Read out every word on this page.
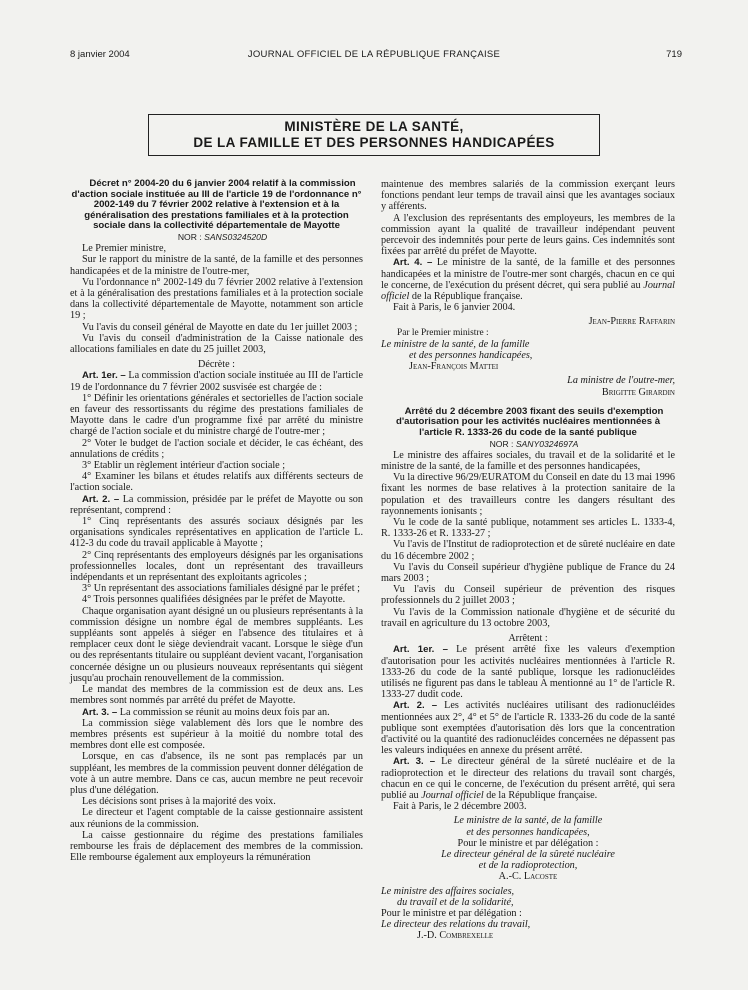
8 janvier 2004	JOURNAL OFFICIEL DE LA RÉPUBLIQUE FRANÇAISE	719
MINISTÈRE DE LA SANTÉ,
DE LA FAMILLE ET DES PERSONNES HANDICAPÉES

Décret n° 2004-20 du 6 janvier 2004 relatif à la commission d'action sociale instituée au III de l'article 19 de l'ordonnance n° 2002-149 du 7 février 2002 relative à l'extension et à la généralisation des prestations familiales et à la protection sociale dans la collectivité départementale de Mayotte

NOR : SANS0324520D

Le Premier ministre,

Sur le rapport du ministre de la santé, de la famille et des personnes handicapées et de la ministre de l'outre-mer,

Vu l'ordonnance n° 2002-149 du 7 février 2002 relative à l'extension et à la généralisation des prestations familiales et à la protection sociale dans la collectivité départementale de Mayotte, notamment son article 19 ;

Vu l'avis du conseil général de Mayotte en date du 1er juillet 2003 ;

Vu l'avis du conseil d'administration de la Caisse nationale des allocations familiales en date du 25 juillet 2003,

Décrète :

Art. 1er. – La commission d'action sociale instituée au III de l'article 19 de l'ordonnance du 7 février 2002 susvisée est chargée de :

1° Définir les orientations générales et sectorielles de l'action sociale en faveur des ressortissants du régime des prestations familiales de Mayotte dans le cadre d'un programme fixé par arrêté du ministre chargé de l'action sociale et du ministre chargé de l'outre-mer ;

2° Voter le budget de l'action sociale et décider, le cas échéant, des annulations de crédits ;

3° Etablir un règlement intérieur d'action sociale ;

4° Examiner les bilans et études relatifs aux différents secteurs de l'action sociale.

Art. 2. – La commission, présidée par le préfet de Mayotte ou son représentant, comprend :

1° Cinq représentants des assurés sociaux désignés par les organisations syndicales représentatives en application de l'article L. 412-3 du code du travail applicable à Mayotte ;

2° Cinq représentants des employeurs désignés par les organisations professionnelles locales, dont un représentant des travailleurs indépendants et un représentant des exploitants agricoles ;

3° Un représentant des associations familiales désigné par le préfet ;

4° Trois personnes qualifiées désignées par le préfet de Mayotte.

Chaque organisation ayant désigné un ou plusieurs représentants à la commission désigne un nombre égal de membres suppléants. Les suppléants sont appelés à siéger en l'absence des titulaires et à remplacer ceux dont le siège deviendrait vacant. Lorsque le siège d'un ou des représentants titulaire ou suppléant devient vacant, l'organisation concernée désigne un ou plusieurs nouveaux représentants qui siègent jusqu'au prochain renouvellement de la commission.

Le mandat des membres de la commission est de deux ans. Les membres sont nommés par arrêté du préfet de Mayotte.

Art. 3. – La commission se réunit au moins deux fois par an.

La commission siège valablement dès lors que le nombre des membres présents est supérieur à la moitié du nombre total des membres dont elle est composée.

Lorsque, en cas d'absence, ils ne sont pas remplacés par un suppléant, les membres de la commission peuvent donner délégation de vote à un autre membre. Dans ce cas, aucun membre ne peut recevoir plus d'une délégation.

Les décisions sont prises à la majorité des voix.

Le directeur et l'agent comptable de la caisse gestionnaire assistent aux réunions de la commission.

La caisse gestionnaire du régime des prestations familiales rembourse les frais de déplacement des membres de la commission. Elle rembourse également aux employeurs la rémunération

maintenue des membres salariés de la commission exerçant leurs fonctions pendant leur temps de travail ainsi que les avantages sociaux y afférents.

A l'exclusion des représentants des employeurs, les membres de la commission ayant la qualité de travailleur indépendant peuvent percevoir des indemnités pour perte de leurs gains. Ces indemnités sont fixées par arrêté du préfet de Mayotte.

Art. 4. – Le ministre de la santé, de la famille et des personnes handicapées et la ministre de l'outre-mer sont chargés, chacun en ce qui le concerne, de l'exécution du présent décret, qui sera publié au Journal officiel de la République française.

Fait à Paris, le 6 janvier 2004.

Jean-Pierre Raffarin

Par le Premier ministre :

Le ministre de la santé, de la famille

et des personnes handicapées,

Jean-François Mattei

La ministre de l'outre-mer,

Brigitte Girardin

Arrêté du 2 décembre 2003 fixant des seuils d'exemption d'autorisation pour les activités nucléaires mentionnées à l'article R. 1333-26 du code de la santé publique

NOR : SANY0324697A

Le ministre des affaires sociales, du travail et de la solidarité et le ministre de la santé, de la famille et des personnes handicapées,

Vu la directive 96/29/EURATOM du Conseil en date du 13 mai 1996 fixant les normes de base relatives à la protection sanitaire de la population et des travailleurs contre les dangers résultant des rayonnements ionisants ;

Vu le code de la santé publique, notamment ses articles L. 1333-4, R. 1333-26 et R. 1333-27 ;

Vu l'avis de l'Institut de radioprotection et de sûreté nucléaire en date du 16 décembre 2002 ;

Vu l'avis du Conseil supérieur d'hygiène publique de France du 24 mars 2003 ;

Vu l'avis du Conseil supérieur de prévention des risques professionnels du 2 juillet 2003 ;

Vu l'avis de la Commission nationale d'hygiène et de sécurité du travail en agriculture du 13 octobre 2003,

Arrêtent :

Art. 1er. – Le présent arrêté fixe les valeurs d'exemption d'autorisation pour les activités nucléaires mentionnées à l'article R. 1333-26 du code de la santé publique, lorsque les radionucléides utilisés ne figurent pas dans le tableau A mentionné au 1° de l'article R. 1333-27 dudit code.

Art. 2. – Les activités nucléaires utilisant des radionucléides mentionnées aux 2°, 4° et 5° de l'article R. 1333-26 du code de la santé publique sont exemptées d'autorisation dès lors que la concentration d'activité ou la quantité des radionucléides concernées ne dépassent pas les valeurs indiquées en annexe du présent arrêté.

Art. 3. – Le directeur général de la sûreté nucléaire et de la radioprotection et le directeur des relations du travail sont chargés, chacun en ce qui le concerne, de l'exécution du présent arrêté, qui sera publié au Journal officiel de la République française.

Fait à Paris, le 2 décembre 2003.

Le ministre de la santé, de la famille

et des personnes handicapées,

Pour le ministre et par délégation :

Le directeur général de la sûreté nucléaire

et de la radioprotection,

A.-C. Lacoste

Le ministre des affaires sociales,

du travail et de la solidarité,

Pour le ministre et par délégation :

Le directeur des relations du travail,

J.-D. Combrexelle
